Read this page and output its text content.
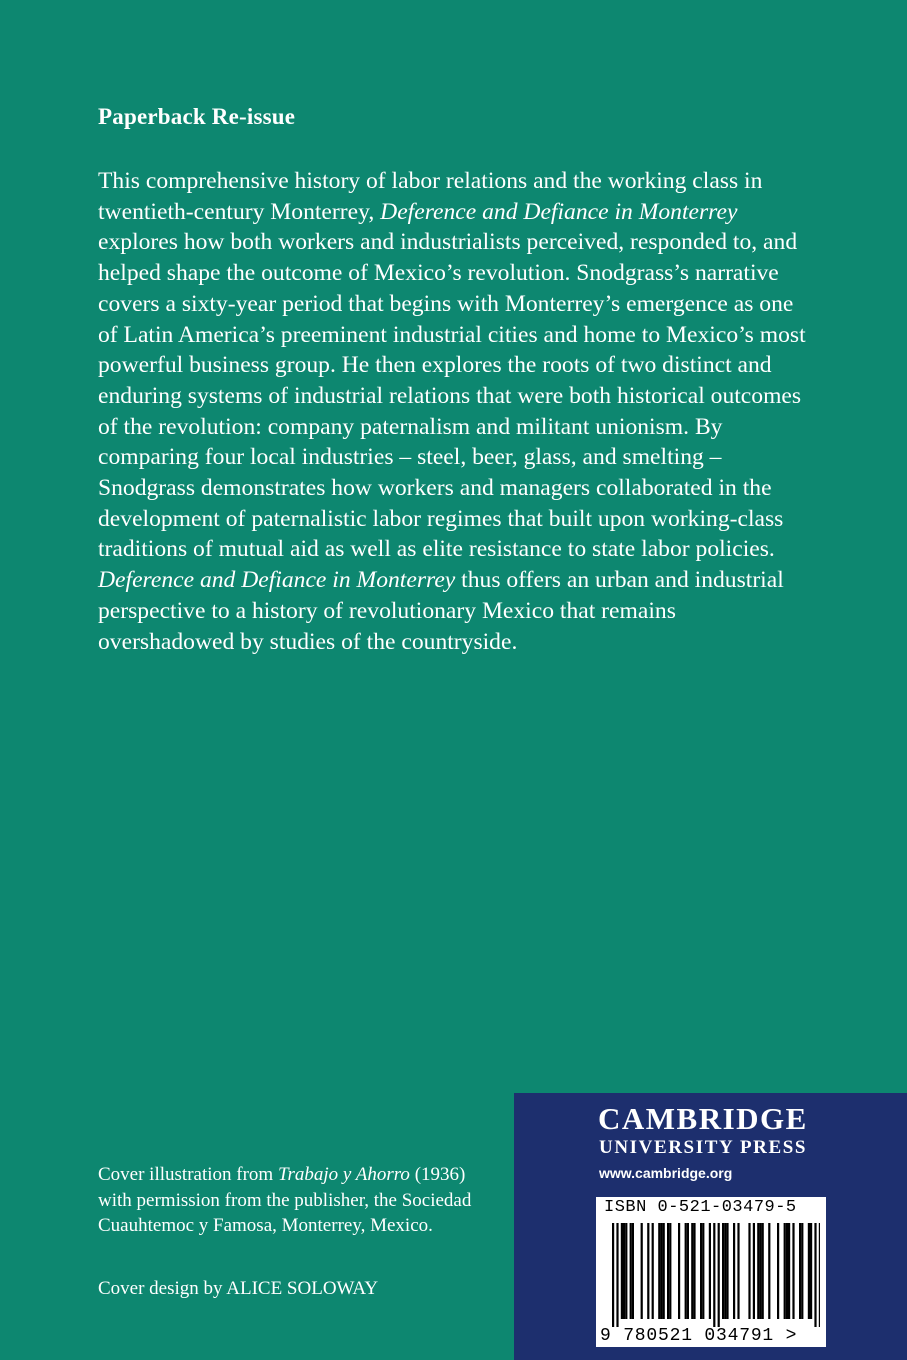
Paperback Re-issue

This comprehensive history of labor relations and the working class in twentieth-century Monterrey, Deference and Defiance in Monterrey explores how both workers and industrialists perceived, responded to, and helped shape the outcome of Mexico’s revolution. Snodgrass’s narrative covers a sixty-year period that begins with Monterrey’s emergence as one of Latin America’s preeminent industrial cities and home to Mexico’s most powerful business group. He then explores the roots of two distinct and enduring systems of industrial relations that were both historical outcomes of the revolution: company paternalism and militant unionism. By comparing four local industries – steel, beer, glass, and smelting – Snodgrass demonstrates how workers and managers collaborated in the development of paternalistic labor regimes that built upon working-class traditions of mutual aid as well as elite resistance to state labor policies. Deference and Defiance in Monterrey thus offers an urban and industrial perspective to a history of revolutionary Mexico that remains overshadowed by studies of the countryside.

Cover illustration from Trabajo y Ahorro (1936) with permission from the publisher, the Sociedad Cuauhtemoc y Famosa, Monterrey, Mexico.

Cover design by ALICE SOLOWAY

CAMBRIDGE
UNIVERSITY PRESS
www.cambridge.org
ISBN 0-521-03479-5
9 780521 034791 >
